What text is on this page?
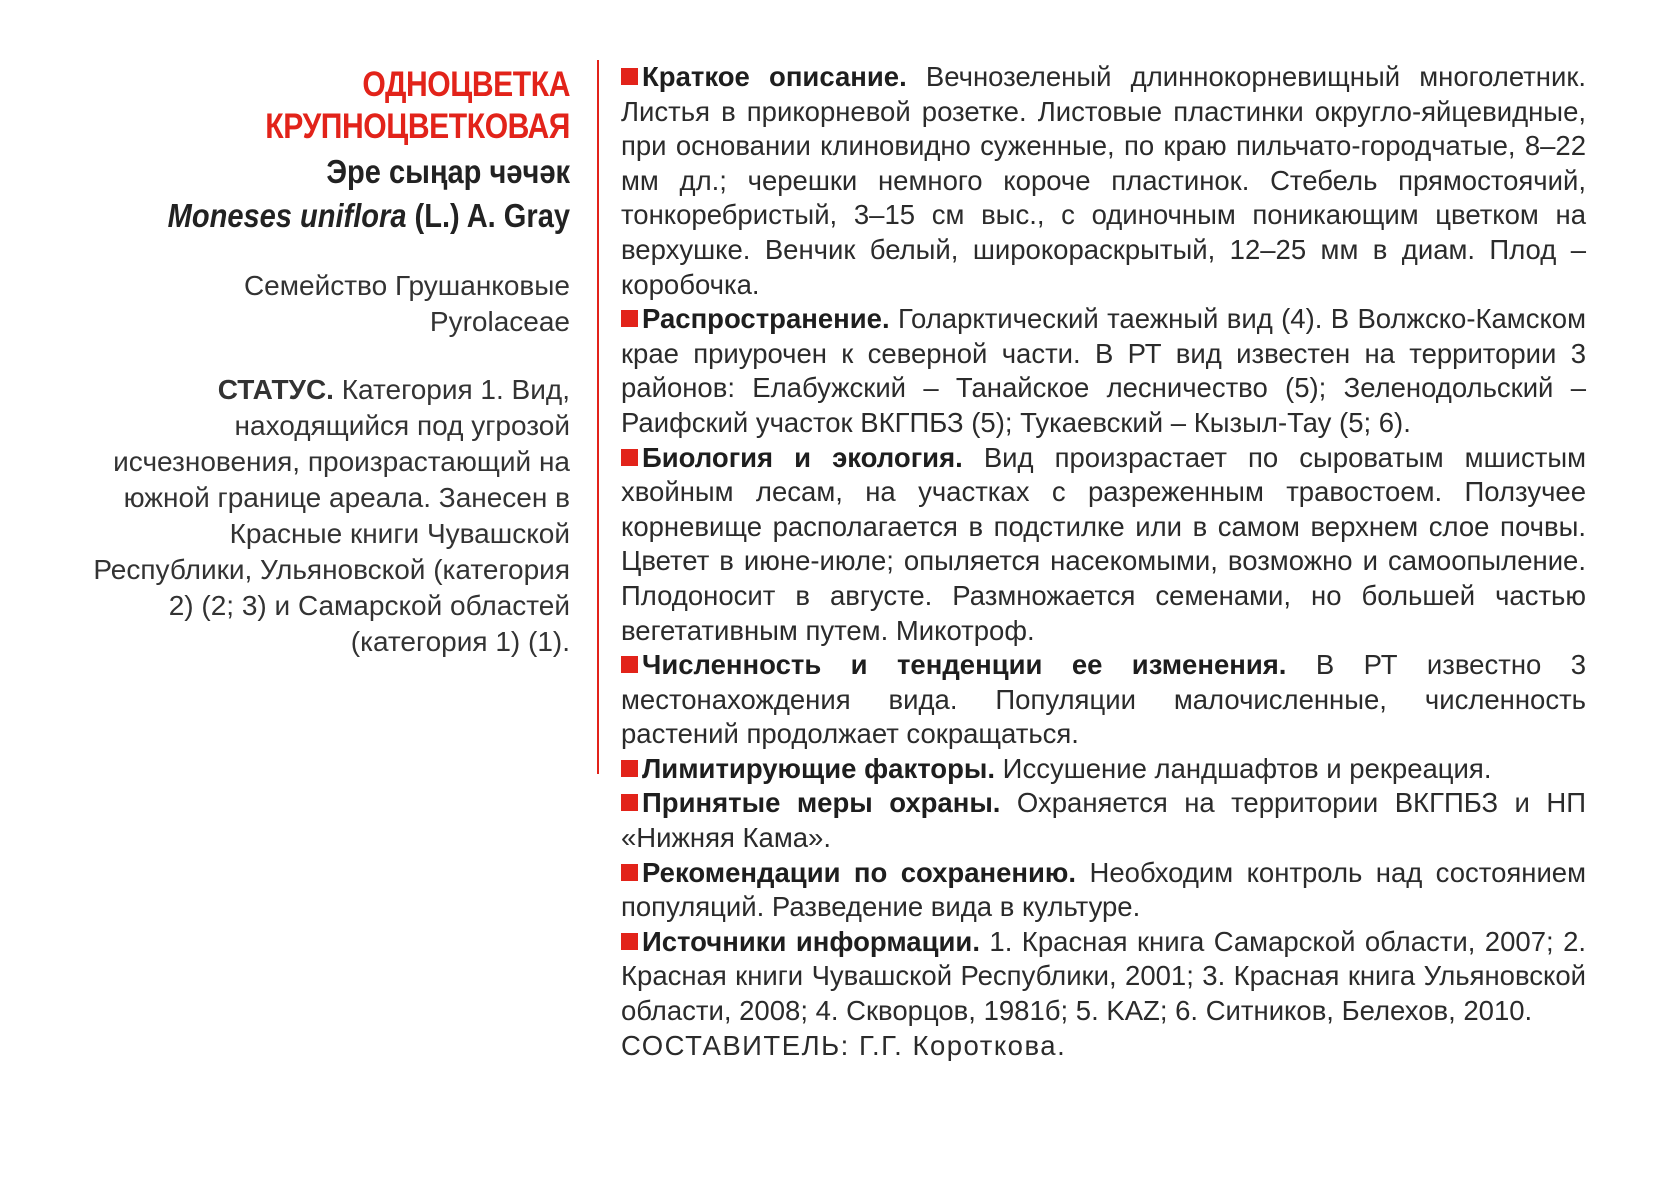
ОДНОЦВЕТКА
КРУПНОЦВЕТКОВАЯ
Эре сыңар чәчәк
Moneses uniflora (L.) A. Gray
Семейство Грушанковые
Pyrolaceae
СТАТУС. Категория 1. Вид, находящийся под угрозой исчезновения, произрастающий на южной границе ареала. Занесен в Красные книги Чувашской Республики, Ульяновской (категория 2) (2; 3) и Самарской областей (категория 1) (1).

Краткое описание. Вечнозеленый длиннокорневищный многолетник. Листья в прикорневой розетке. Листовые пластинки округло-яйцевидные, при основании клиновидно суженные, по краю пильчато-городчатые, 8–22 мм дл.; черешки немного короче пластинок. Стебель прямостоячий, тонкоребристый, 3–15 см выс., с одиночным поникающим цветком на верхушке. Венчик белый, широкораскрытый, 12–25 мм в диам. Плод – коробочка.

Распространение. Голарктический таежный вид (4). В Волжско-Камском крае приурочен к северной части. В РТ вид известен на территории 3 районов: Елабужский – Танайское лесничество (5); Зеленодольский – Раифский участок ВКГПБЗ (5); Тукаевский – Кызыл-Тау (5; 6).

Биология и экология. Вид произрастает по сыроватым мшистым хвойным лесам, на участках с разреженным травостоем. Ползучее корневище располагается в подстилке или в самом верхнем слое почвы. Цветет в июне-июле; опыляется насекомыми, возможно и самоопыление. Плодоносит в августе. Размножается семенами, но большей частью вегетативным путем. Микотроф.

Численность и тенденции ее изменения. В РТ известно 3 местонахождения вида. Популяции малочисленные, численность растений продолжает сокращаться.

Лимитирующие факторы. Иссушение ландшафтов и рекреация.

Принятые меры охраны. Охраняется на территории ВКГПБЗ и НП «Нижняя Кама».

Рекомендации по сохранению. Необходим контроль над состоянием популяций. Разведение вида в культуре.

Источники информации. 1. Красная книга Самарской области, 2007; 2. Красная книги Чувашской Республики, 2001; 3. Красная книга Ульяновской области, 2008; 4. Скворцов, 1981б; 5. KAZ; 6. Ситников, Белехов, 2010.

СОСТАВИТЕЛЬ: Г.Г. Короткова.
